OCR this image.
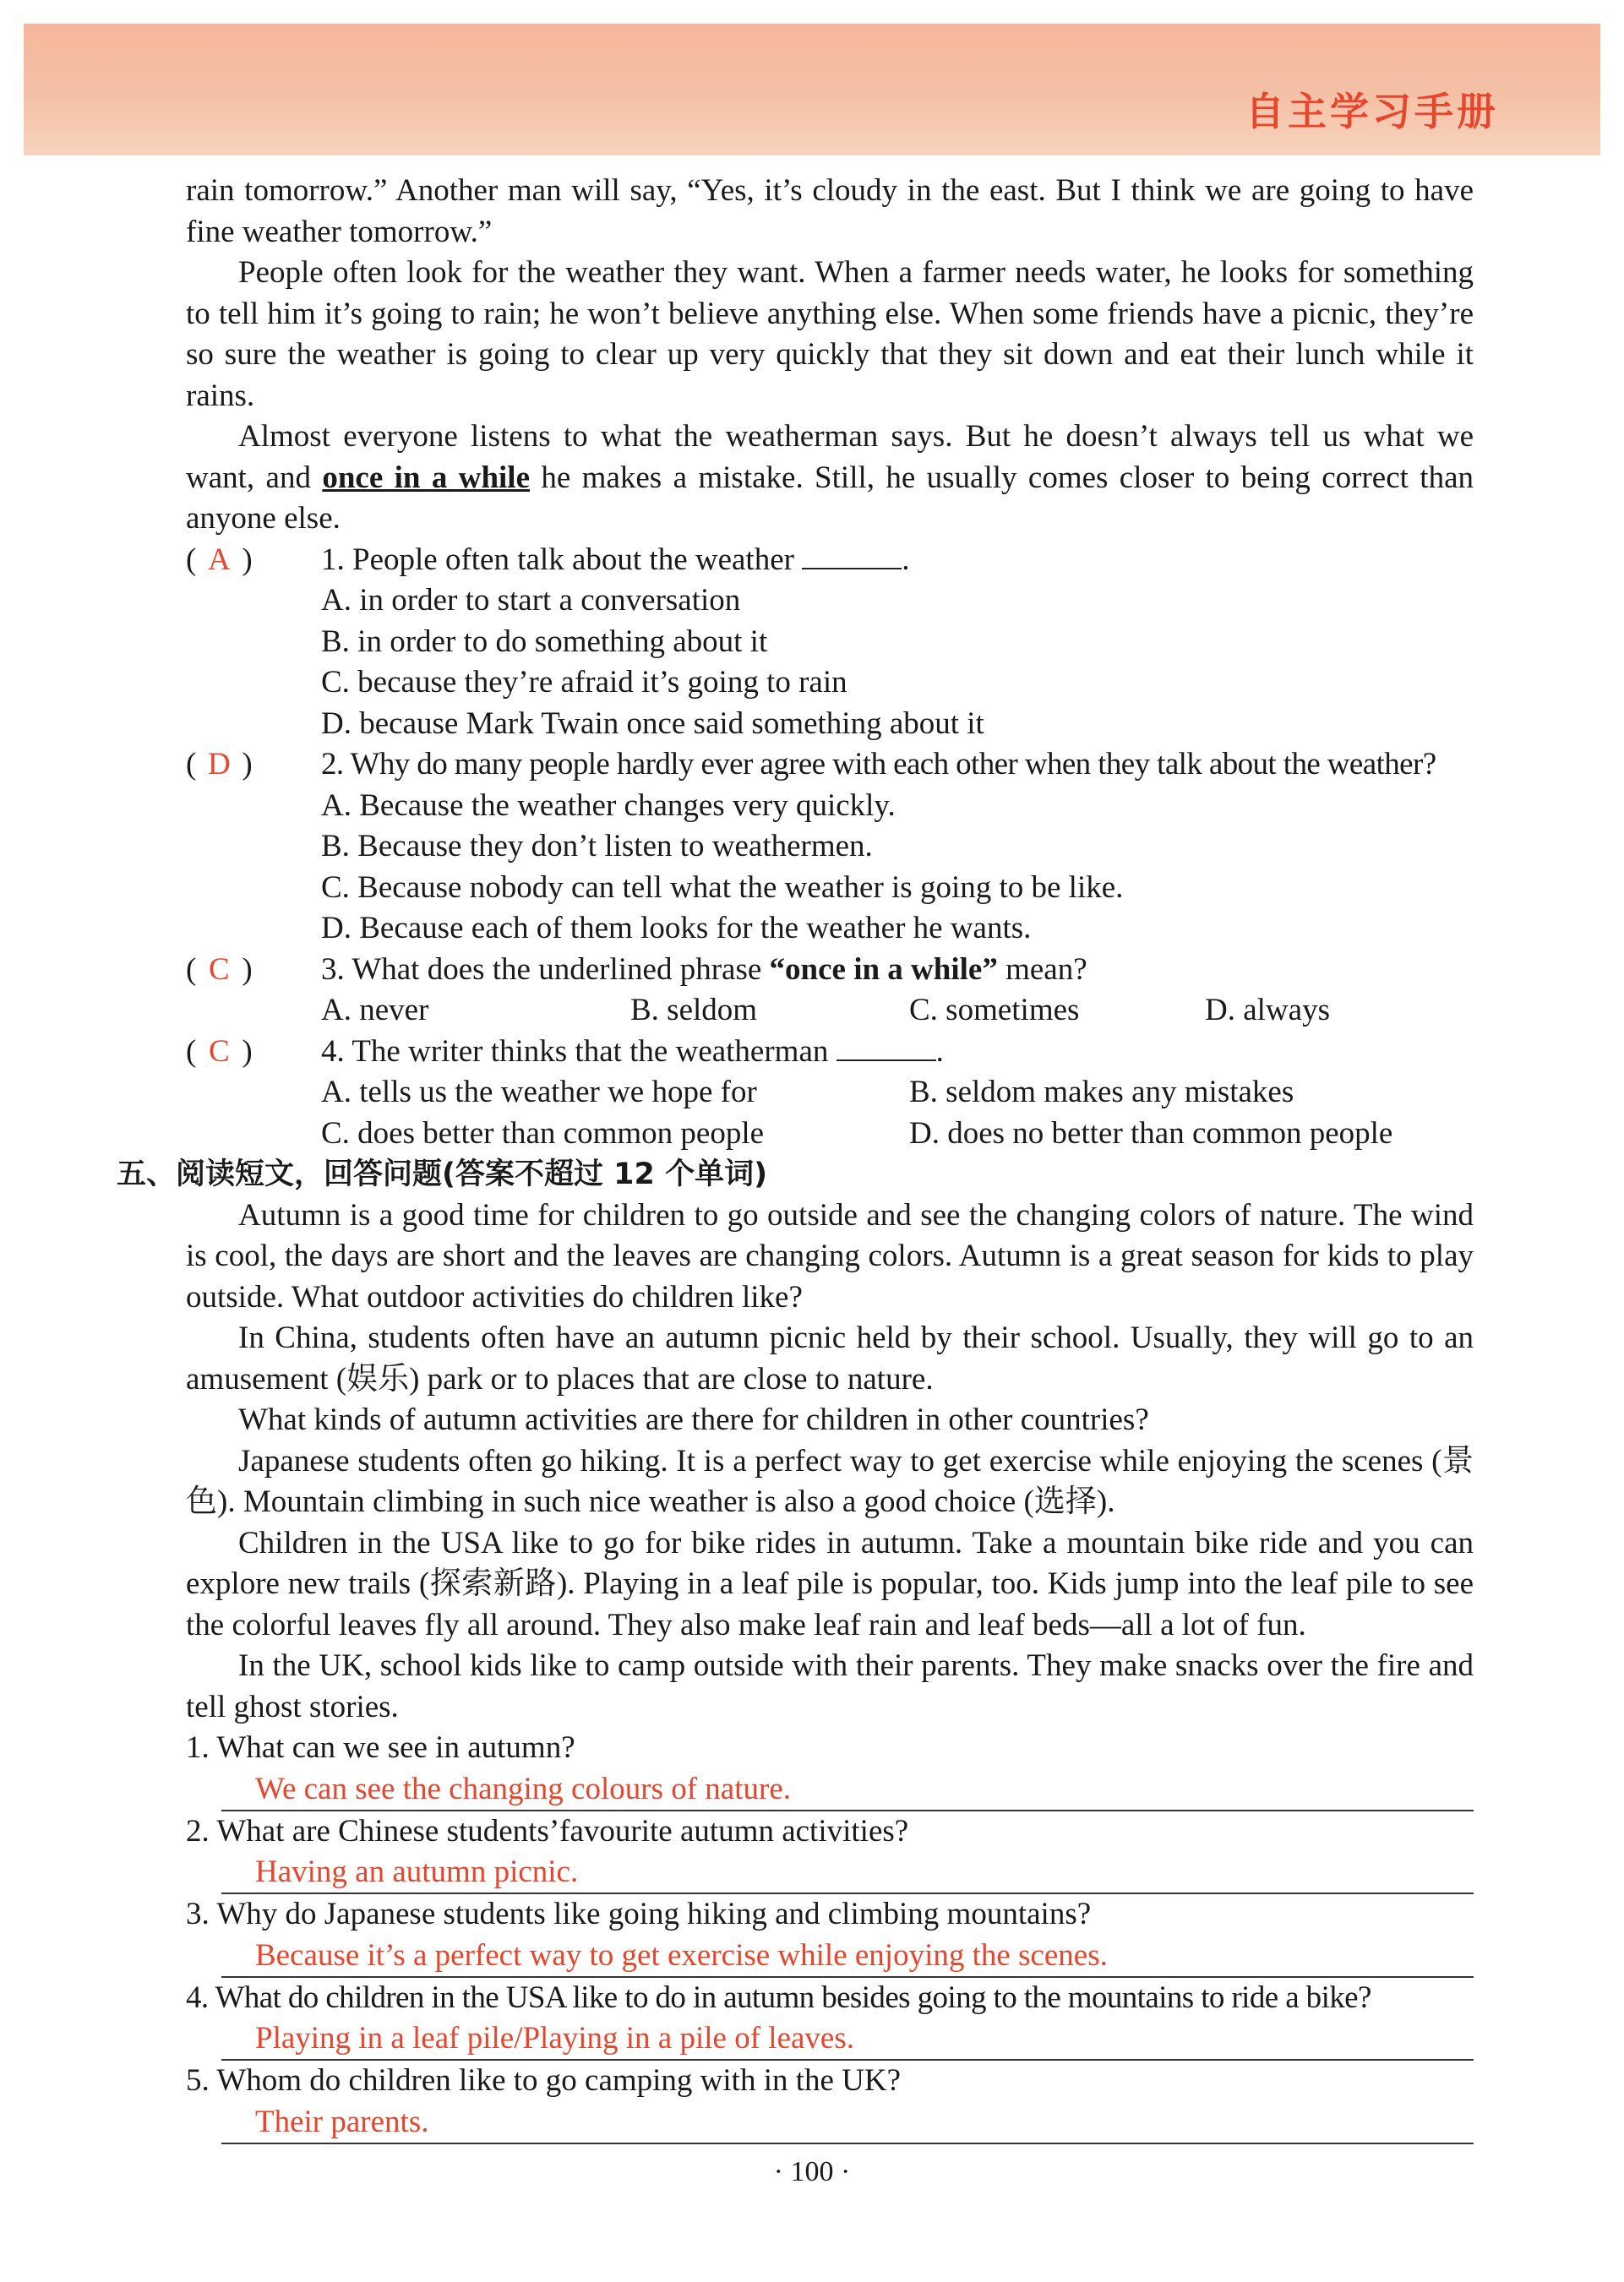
自主学习手册

rain tomorrow.” Another man will say, “Yes, it’s cloudy in the east. But I think we are going to have fine weather tomorrow.”

People often look for the weather they want. When a farmer needs water, he looks for something to tell him it’s going to rain; he won’t believe anything else. When some friends have a picnic, they’re so sure the weather is going to clear up very quickly that they sit down and eat their lunch while it rains.

Almost everyone listens to what the weatherman says. But he doesn’t always tell us what we want, and once in a while he makes a mistake. Still, he usually comes closer to being correct than anyone else.

( A )	1. People often talk about the weather	.
A. in order to start a conversation
B. in order to do something about it
C. because they’re afraid it’s going to rain
D. because Mark Twain once said something about it
( D )	2. Why do many people hardly ever agree with each other when they talk about the weather?
A. Because the weather changes very quickly.
B. Because they don’t listen to weathermen.
C. Because nobody can tell what the weather is going to be like.
D. Because each of them looks for the weather he wants.
( C )	3. What does the underlined phrase “once in a while” mean?
A. never	B. seldom	C. sometimes	D. always
( C )	4. The writer thinks that the weatherman	.
A. tells us the weather we hope for	B. seldom makes any mistakes
C. does better than common people	D. does no better than common people
五、阅读短文，回答问题(答案不超过 12 个单词)

Autumn is a good time for children to go outside and see the changing colors of nature. The wind is cool, the days are short and the leaves are changing colors. Autumn is a great season for kids to play outside. What outdoor activities do children like?

In China, students often have an autumn picnic held by their school. Usually, they will go to an amusement (娱乐) park or to places that are close to nature.

What kinds of autumn activities are there for children in other countries?

Japanese students often go hiking. It is a perfect way to get exercise while enjoying the scenes (景色). Mountain climbing in such nice weather is also a good choice (选择).

Children in the USA like to go for bike rides in autumn. Take a mountain bike ride and you can explore new trails (探索新路). Playing in a leaf pile is popular, too. Kids jump into the leaf pile to see the colorful leaves fly all around. They also make leaf rain and leaf beds—all a lot of fun.

In the UK, school kids like to camp outside with their parents. They make snacks over the fire and tell ghost stories.

1. What can we see in autumn?
We can see the changing colours of nature.
2. What are Chinese students’favourite autumn activities?
Having an autumn picnic.
3. Why do Japanese students like going hiking and climbing mountains?
Because it’s a perfect way to get exercise while enjoying the scenes.
4. What do children in the USA like to do in autumn besides going to the mountains to ride a bike?
Playing in a leaf pile/Playing in a pile of leaves.
5. Whom do children like to go camping with in the UK?
Their parents.
· 100 ·
